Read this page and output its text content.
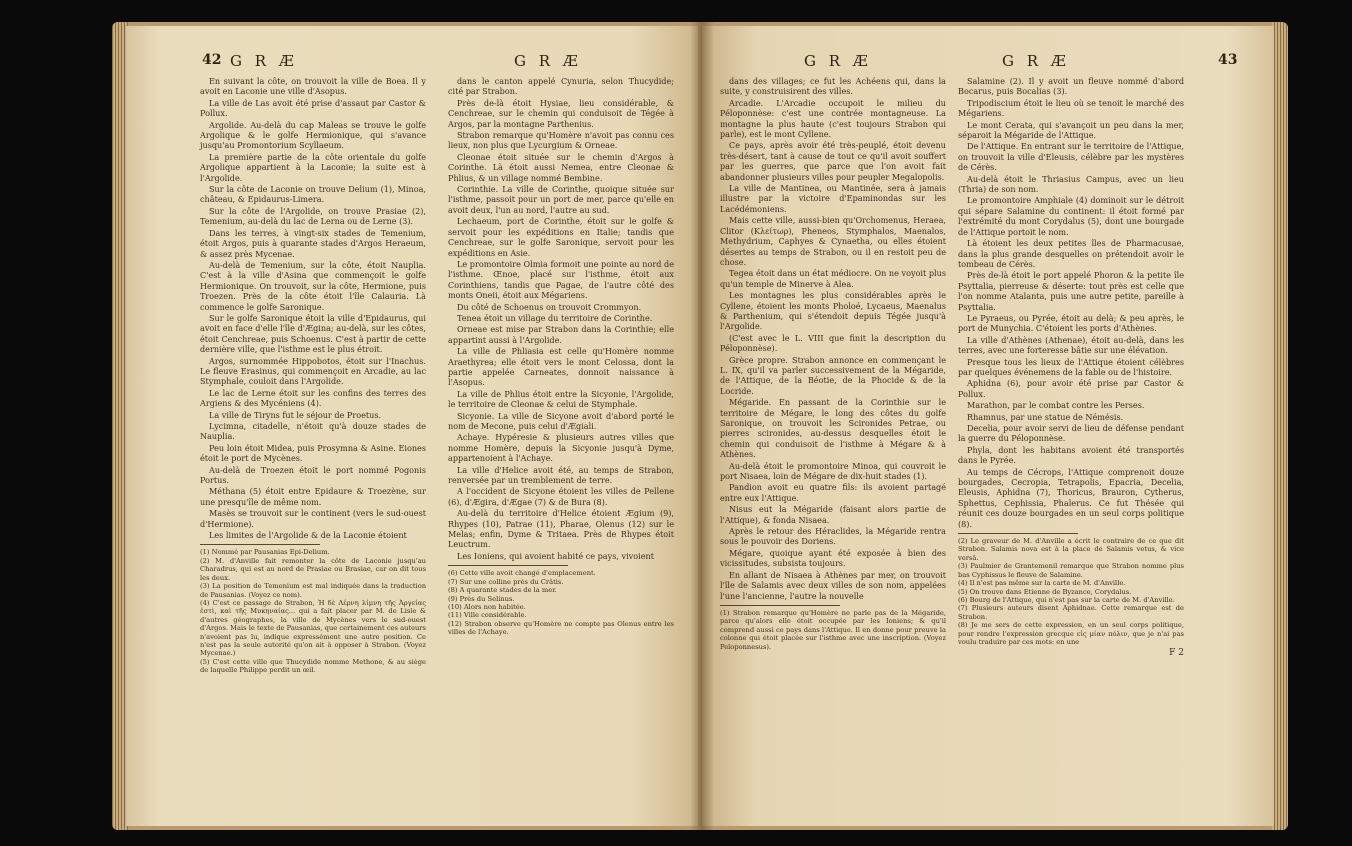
42 G R Æ	G R Æ

En suivant la côte, on trouvoit la ville de Boea. Il y avoit en Laconie une ville d'Asopus.

La ville de Las avoit été prise d'assaut par Castor & Pollux.

Argolide. Au-delà du cap Maleas se trouve le golfe Argolique & le golfe Hermionique, qui s'avance jusqu'au Promontorium Scyllaeum.

La première partie de la côte orientale du golfe Argolique appartient à la Laconie; la suite est à l'Argolide.

Sur la côte de Laconie on trouve Delium (1), Minoa, château, & Epidaurus-Limera.

Sur la côte de l'Argolide, on trouve Prasiae (2), Temenium, au-delà du lac de Lerna ou de Lerne (3).

Dans les terres, à vingt-six stades de Temenium, étoit Argos, puis à quarante stades d'Argos Heraeum, & assez près Mycenae.

Au-delà de Temenium, sur la côte, étoit Nauplia. C'est à la ville d'Asina que commençoit le golfe Hermionique. On trouvoit, sur la côte, Hermione, puis Troezen. Près de la côte étoit l'île Calauria. Là commence le golfe Saronique.

Sur le golfe Saronique étoit la ville d'Epidaurus, qui avoit en face d'elle l'île d'Ægina; au-delà, sur les côtes, étoit Cenchreae, puis Schoenus. C'est à partir de cette dernière ville, que l'isthme est le plus étroit.

Argos, surnommée Hippobotos, étoit sur l'Inachus. Le fleuve Erasinus, qui commençoit en Arcadie, au lac Stymphale, couloit dans l'Argolide.

Le lac de Lerne étoit sur les confins des terres des Argiens & des Mycéniens (4).

La ville de Tiryns fut le séjour de Proetus.

Lycimna, citadelle, n'étoit qu'à douze stades de Nauplia.

Peu loin étoit Midea, puis Prosymna & Asine. Eiones étoit le port de Mycènes.

Au-delà de Troezen étoit le port nommé Pogonis Portus.

Méthana (5) étoit entre Epidaure & Troezène, sur une presqu'île de même nom.

Masès se trouvoit sur le continent (vers le sud-ouest d'Hermione).

Les limites de l'Argolide & de la Laconie étoient

(1) Nommé par Pausanias Epi-Delium.

(2) M. d'Anville fait remonter la côte de Laconie jusqu'au Charadrus, qui est au nord de Prasiae ou Brasiae, car on dit tous les deux.

(3) La position de Temenium est mal indiquée dans la traduction de Pausanias. (Voyez ce nom).

(4) C'est ce passage de Strabon, Ἡ δὲ Λέρνη λίμνη τῆς Ἀργείας ἐστὶ, καὶ τῆς Μυκηναίας... qui a fait placer par M. de Lisle & d'autres géographes, la ville de Mycènes vers le sud-ouest d'Argos. Mais le texte de Pausanias, que certainement ces auteurs n'avoient pas lu, indique expressément une autre position. Ce n'est pas la seule autorité qu'on ait à opposer à Strabon. (Voyez Mycenae.)

(5) C'est cette ville que Thucydide nomme Methone, & au siège de laquelle Philippe perdit un œil.

dans le canton appelé Cynuria, selon Thucydide; cité par Strabon.

Près de-là étoit Hysiae, lieu considérable, & Cenchreae, sur le chemin qui conduisoit de Tégée à Argos, par la montagne Parthenius.

Strabon remarque qu'Homère n'avoit pas connu ces lieux, non plus que Lycurgium & Orneae.

Cleonae étoit située sur le chemin d'Argos à Corinthe. Là étoit aussi Nemea, entre Cleonae & Phlius, & un village nommé Bembine.

Corinthie. La ville de Corinthe, quoique située sur l'isthme, passoit pour un port de mer, parce qu'elle en avoit deux, l'un au nord, l'autre au sud.

Lechaeum, port de Corinthe, étoit sur le golfe & servoit pour les expéditions en Italie; tandis que Cenchreae, sur le golfe Saronique, servoit pour les expéditions en Asie.

Le promontoire Olmia formoit une pointe au nord de l'isthme. Œnoe, placé sur l'isthme, étoit aux Corinthiens, tandis que Pagae, de l'autre côté des monts Oneii, étoit aux Mégariens.

Du côté de Schoenus on trouvoit Crommyon.

Tenea étoit un village du territoire de Corinthe.

Orneae est mise par Strabon dans la Corinthie; elle appartint aussi à l'Argolide.

La ville de Phliasia est celle qu'Homère nomme Araethyrea; elle étoit vers le mont Celossa, dont la partie appelée Carneates, donnoit naissance à l'Asopus.

La ville de Phlius étoit entre la Sicyonie, l'Argolide, le territoire de Cleonae & celui de Stymphale.

Sicyonie. La ville de Sicyone avoit d'abord porté le nom de Mecone, puis celui d'Ægiali.

Achaye. Hypéresie & plusieurs autres villes que nomme Homère, depuis la Sicyonie jusqu'à Dyme, appartenoient à l'Achaye.

La ville d'Helice avoit été, au temps de Strabon, renversée par un tremblement de terre.

A l'occident de Sicyone étoient les villes de Pellene (6), d'Ægira, d'Ægae (7) & de Bura (8).

Au-delà du territoire d'Helice étoient Ægium (9), Rhypes (10), Patrae (11), Pharae, Olenus (12) sur le Melas; enfin, Dyme & Tritaea. Près de Rhypes étoit Leuctrum.

Les Ioniens, qui avoient habité ce pays, vivoient

(6) Cette ville avoit changé d'emplacement.

(7) Sur une colline près du Crâtis.

(8) A quarante stades de la mer.

(9) Près du Selinus.

(10) Alors non habitée.

(11) Ville considérable.

(12) Strabon observe qu'Homère ne compte pas Olenus entre les villes de l'Achaye.

G R Æ	G R Æ	43

dans des villages; ce fut les Achéens qui, dans la suite, y construisirent des villes.

Arcadie. L'Arcadie occupoit le milieu du Péloponnèse: c'est une contrée montagneuse. La montagne la plus haute (c'est toujours Strabon qui parle), est le mont Cyllene.

Ce pays, après avoir été très-peuplé, étoit devenu très-désert, tant à cause de tout ce qu'il avoit souffert par les guerres, que parce que l'on avoit fait abandonner plusieurs villes pour peupler Megalopolis.

La ville de Mantinea, ou Mantinée, sera à jamais illustre par la victoire d'Epaminondas sur les Lacédémoniens.

Mais cette ville, aussi-bien qu'Orchomenus, Heraea, Clitor (Κλείτωρ), Pheneos, Stymphalos, Maenalos, Methydrium, Caphyes & Cynaetha, ou elles étoient désertes au temps de Strabon, ou il en restoit peu de chose.

Tegea étoit dans un état médiocre. On ne voyoit plus qu'un temple de Minerve à Alea.

Les montagnes les plus considérables après le Cyllene, étoient les monts Pholoé, Lycaeus, Maenalus & Parthenium, qui s'étendoit depuis Tégée jusqu'à l'Argolide.

(C'est avec le L. VIII que finit la description du Péloponnèse).

Grèce propre. Strabon annonce en commençant le L. IX, qu'il va parler successivement de la Mégaride, de l'Attique, de la Béotie, de la Phocide & de la Locride.

Mégaride. En passant de la Corinthie sur le territoire de Mégare, le long des côtes du golfe Saronique, on trouvoit les Scironides Petrae, ou pierres scironides, au-dessus desquelles étoit le chemin qui conduisoit de l'isthme à Mégare & à Athènes.

Au-delà étoit le promontoire Minoa, qui couvroit le port Nisaea, loin de Mégare de dix-huit stades (1).

Pandion avoit eu quatre fils: ils avoient partagé entre eux l'Attique.

Nisus eut la Mégaride (faisant alors partie de l'Attique), & fonda Nisaea.

Après le retour des Héraclides, la Mégaride rentra sous le pouvoir des Doriens.

Mégare, quoique ayant été exposée à bien des vicissitudes, subsista toujours.

En allant de Nisaea à Athènes par mer, on trouvoit l'île de Salamis avec deux villes de son nom, appelées l'une l'ancienne, l'autre la nouvelle

(1) Strabon remarque qu'Homère ne parle pas de la Mégaride, parce qu'alors elle étoit occupée par les Ioniens; & qu'il comprend aussi ce pays dans l'Attique. Il en donne pour preuve la colonne qui étoit placée sur l'isthme avec une inscription. (Voyez Peloponnesus).

Salamine (2). Il y avoit un fleuve nommé d'abord Bocarus, puis Bocalias (3).

Tripodiscium étoit le lieu où se tenoit le marché des Mégariens.

Le mont Cerata, qui s'avançoit un peu dans la mer, séparoit la Mégaride de l'Attique.

De l'Attique. En entrant sur le territoire de l'Attique, on trouvoit la ville d'Eleusis, célèbre par les mystères de Cérès.

Au-delà étoit le Thriasius Campus, avec un lieu (Thria) de son nom.

Le promontoire Amphiale (4) dominoit sur le détroit qui sépare Salamine du continent: il étoit formé par l'extrémité du mont Corydalus (5), dont une bourgade de l'Attique portoit le nom.

Là étoient les deux petites îles de Pharmacusae, dans la plus grande desquelles on prétendoit avoir le tombeau de Cérès.

Près de-là étoit le port appelé Phoron & la petite île Psyttalia, pierreuse & déserte: tout près est celle que l'on nomme Atalanta, puis une autre petite, pareille à Psyttalia.

Le Pyraeus, ou Pyrée, étoit au delà; & peu après, le port de Munychia. C'étoient les ports d'Athènes.

La ville d'Athènes (Athenae), étoit au-delà, dans les terres, avec une forteresse bâtie sur une élévation.

Presque tous les lieux de l'Attique étoient célèbres par quelques événemens de la fable ou de l'histoire.

Aphidna (6), pour avoir été prise par Castor & Pollux.

Marathon, par le combat contre les Perses.

Rhamnus, par une statue de Némésis.

Decelia, pour avoir servi de lieu de défense pendant la guerre du Péloponnèse.

Phyla, dont les habitans avoient été transportés dans le Pyrée.

Au temps de Cécrops, l'Attique comprenoit douze bourgades, Cecropia, Tetrapolis, Epacria, Decelia, Eleusis, Aphidna (7), Thoricus, Brauron, Cytherus, Sphettus, Cephissia, Phalerus. Ce fut Thésée qui réunit ces douze bourgades en un seul corps politique (8).

(2) Le graveur de M. d'Anville a écrit le contraire de ce que dit Strabon. Salamis nova est à la place de Salamis vetus, & vice versâ.

(3) Paulmier de Grantemenil remarque que Strabon nomme plus bas Cyphissus le fleuve de Salamine.

(4) Il n'est pas même sur la carte de M. d'Anville.

(5) On trouve dans Etienne de Byzance, Corydalus.

(6) Bourg de l'Attique, qui n'est pas sur la carte de M. d'Anville.

(7) Plusieurs auteurs disent Aphidnae. Cette remarque est de Strabon.

(8) Je me sers de cette expression, en un seul corps politique, pour rendre l'expression grecque εἰς μίαν πόλιν, que je n'ai pas voulu traduire par ces mots: en une

F 2
